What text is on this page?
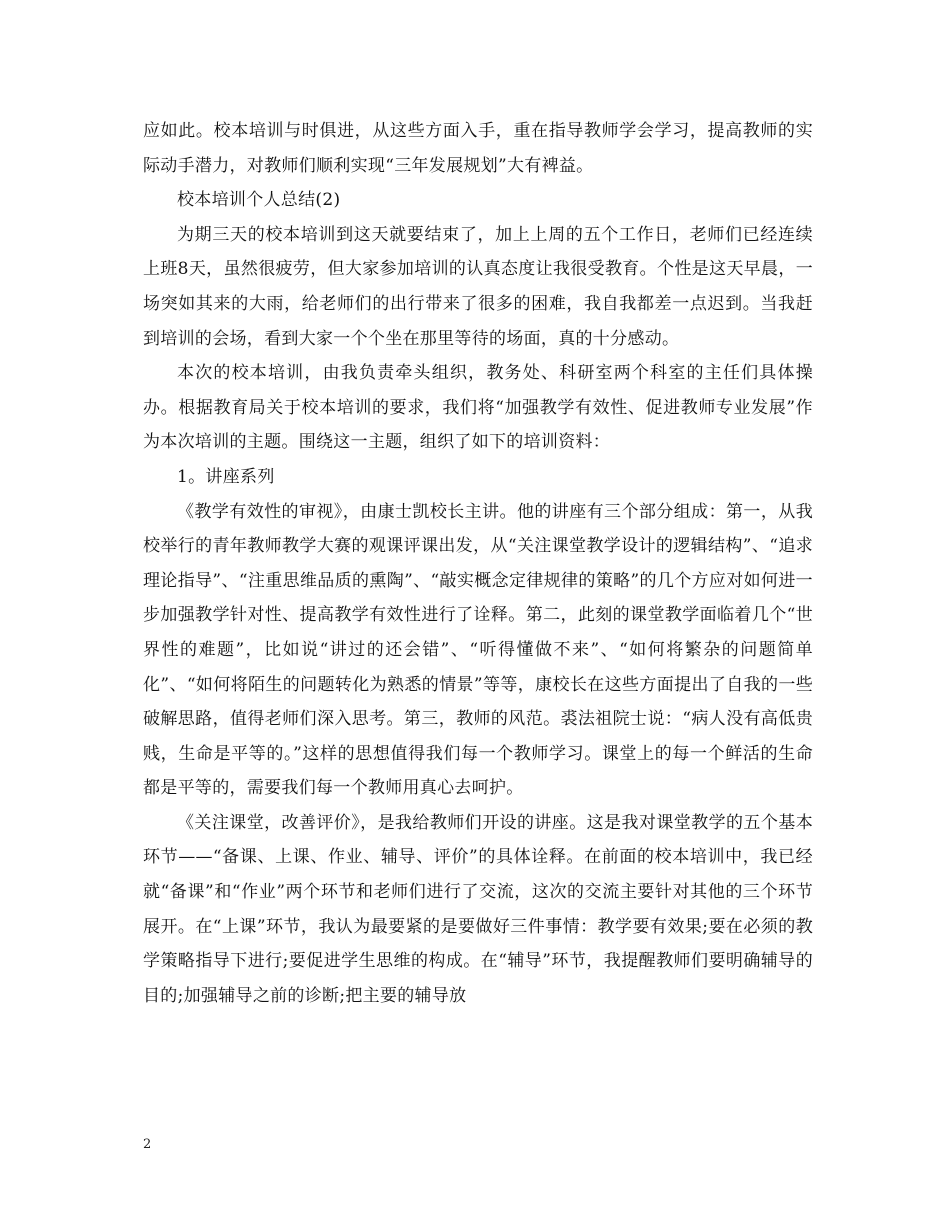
应如此。校本培训与时俱进，从这些方面入手，重在指导教师学会学习，提高教师的实际动手潜力，对教师们顺利实现“三年发展规划”大有裨益。

校本培训个人总结(2)

为期三天的校本培训到这天就要结束了，加上上周的五个工作日，老师们已经连续上班8天，虽然很疲劳，但大家参加培训的认真态度让我很受教育。个性是这天早晨，一场突如其来的大雨，给老师们的出行带来了很多的困难，我自我都差一点迟到。当我赶到培训的会场，看到大家一个个坐在那里等待的场面，真的十分感动。

本次的校本培训，由我负责牵头组织，教务处、科研室两个科室的主任们具体操办。根据教育局关于校本培训的要求，我们将“加强教学有效性、促进教师专业发展”作为本次培训的主题。围绕这一主题，组织了如下的培训资料：

1。讲座系列

《教学有效性的审视》，由康士凯校长主讲。他的讲座有三个部分组成：第一，从我校举行的青年教师教学大赛的观课评课出发，从“关注课堂教学设计的逻辑结构”、“追求理论指导”、“注重思维品质的熏陶”、“敲实概念定律规律的策略”的几个方应对如何进一步加强教学针对性、提高教学有效性进行了诠释。第二，此刻的课堂教学面临着几个“世界性的难题”，比如说“讲过的还会错”、“听得懂做不来”、“如何将繁杂的问题简单化”、“如何将陌生的问题转化为熟悉的情景”等等，康校长在这些方面提出了自我的一些破解思路，值得老师们深入思考。第三，教师的风范。裘法祖院士说：“病人没有高低贵贱，生命是平等的。”这样的思想值得我们每一个教师学习。课堂上的每一个鲜活的生命都是平等的，需要我们每一个教师用真心去呵护。

《关注课堂，改善评价》，是我给教师们开设的讲座。这是我对课堂教学的五个基本环节——“备课、上课、作业、辅导、评价”的具体诠释。在前面的校本培训中，我已经就“备课”和“作业”两个环节和老师们进行了交流，这次的交流主要针对其他的三个环节展开。在“上课”环节，我认为最要紧的是要做好三件事情：教学要有效果;要在必须的教学策略指导下进行;要促进学生思维的构成。在“辅导”环节，我提醒教师们要明确辅导的目的;加强辅导之前的诊断;把主要的辅导放

2
